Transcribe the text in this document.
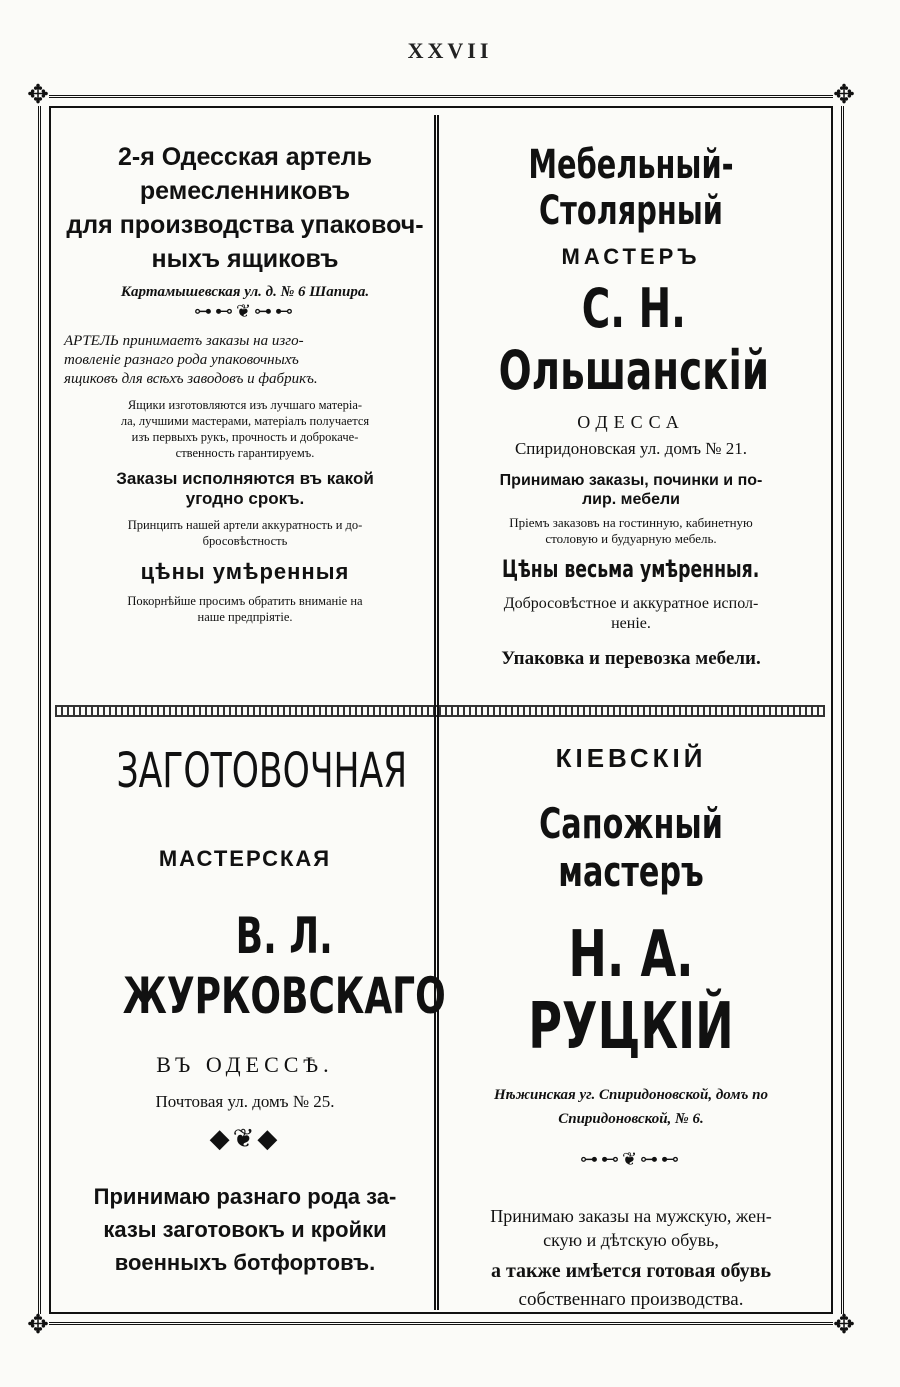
XXVII
✥	✥
✥	✥
2-я Одесская артель
ремесленниковъ
для производства упаковоч-
ныхъ ящиковъ
Картамышевская ул. д. № 6 Шапира.
⊶⊷❦⊶⊷
АРТЕЛЬ принимаетъ заказы на изго-
товленіе разнаго рода упаковочныхъ
ящиковъ для всѣхъ заводовъ и фабрикъ.
Ящики изготовляются изъ лучшаго матеріа-
ла, лучшими мастерами, матеріалъ получается
изъ первыхъ рукъ, прочность и доброкаче-
ственность гарантируемъ.
Заказы исполняются въ какой
угодно срокъ.
Принципъ нашей артели аккуратность и до-
бросовѣстность
цѣны умѣренныя
Покорнѣйше просимъ обратить вниманіе на
наше предпріятіе.
Мебельный-Столярный
МАСТЕРЪ
С. Н. Ольшанскій
ОДЕССА
Спиридоновская ул. домъ № 21.
Принимаю заказы, починки и по-
лир. мебели
Пріемъ заказовъ на гостинную, кабинетную
столовую и будуарную мебель.
Цѣны весьма умѣренныя.
Добросовѣстное и аккуратное испол-
неніе.
Упаковка и перевозка мебели.
ЗАГОТОВОЧНАЯ
МАСТЕРСКАЯ
В. Л. ЖУРКОВСКАГО
ВЪ ОДЕССѢ.
Почтовая ул. домъ № 25.
◆❦◆
Принимаю разнаго рода за-
казы заготовокъ и кройки
военныхъ ботфортовъ.
КІЕВСКІЙ
Сапожный мастеръ
Н. А. РУЦКІЙ
Нѣжинская уг. Спиридоновской, домъ по
Спиридоновской, № 6.
⊶⊷❦⊶⊷
Принимаю заказы на мужскую, жен-
скую и дѣтскую обувь,
а также имѣется готовая обувь
собственнаго производства.
